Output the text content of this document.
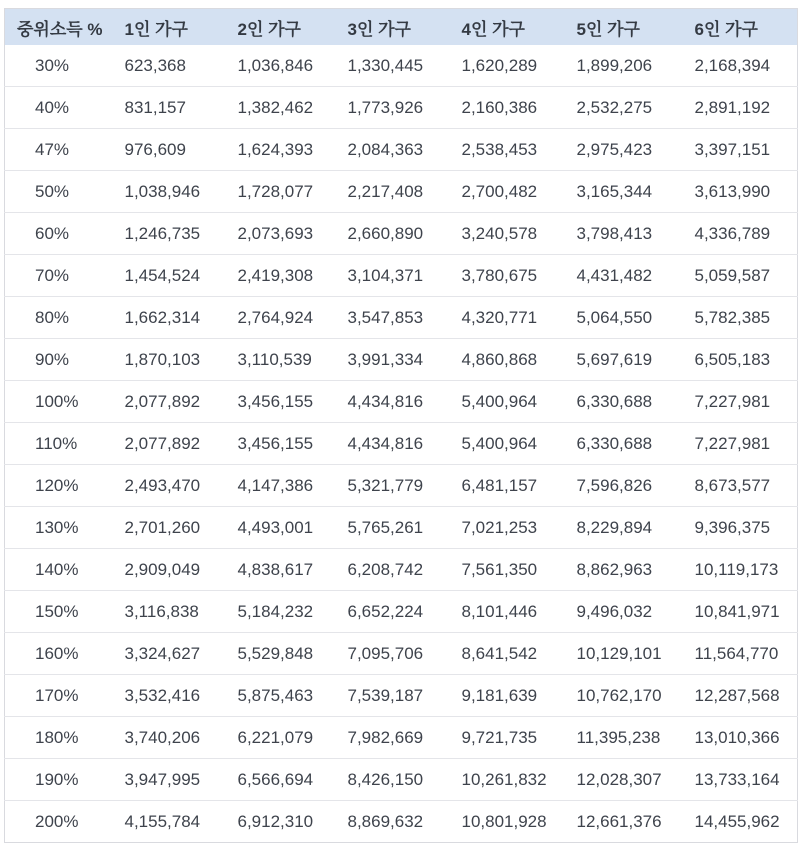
중위소득 %	1인 가구	2인 가구	3인 가구	4인 가구	5인 가구	6인 가구
30%	623,368	1,036,846	1,330,445	1,620,289	1,899,206	2,168,394
40%	831,157	1,382,462	1,773,926	2,160,386	2,532,275	2,891,192
47%	976,609	1,624,393	2,084,363	2,538,453	2,975,423	3,397,151
50%	1,038,946	1,728,077	2,217,408	2,700,482	3,165,344	3,613,990
60%	1,246,735	2,073,693	2,660,890	3,240,578	3,798,413	4,336,789
70%	1,454,524	2,419,308	3,104,371	3,780,675	4,431,482	5,059,587
80%	1,662,314	2,764,924	3,547,853	4,320,771	5,064,550	5,782,385
90%	1,870,103	3,110,539	3,991,334	4,860,868	5,697,619	6,505,183
100%	2,077,892	3,456,155	4,434,816	5,400,964	6,330,688	7,227,981
110%	2,077,892	3,456,155	4,434,816	5,400,964	6,330,688	7,227,981
120%	2,493,470	4,147,386	5,321,779	6,481,157	7,596,826	8,673,577
130%	2,701,260	4,493,001	5,765,261	7,021,253	8,229,894	9,396,375
140%	2,909,049	4,838,617	6,208,742	7,561,350	8,862,963	10,119,173
150%	3,116,838	5,184,232	6,652,224	8,101,446	9,496,032	10,841,971
160%	3,324,627	5,529,848	7,095,706	8,641,542	10,129,101	11,564,770
170%	3,532,416	5,875,463	7,539,187	9,181,639	10,762,170	12,287,568
180%	3,740,206	6,221,079	7,982,669	9,721,735	11,395,238	13,010,366
190%	3,947,995	6,566,694	8,426,150	10,261,832	12,028,307	13,733,164
200%	4,155,784	6,912,310	8,869,632	10,801,928	12,661,376	14,455,962
